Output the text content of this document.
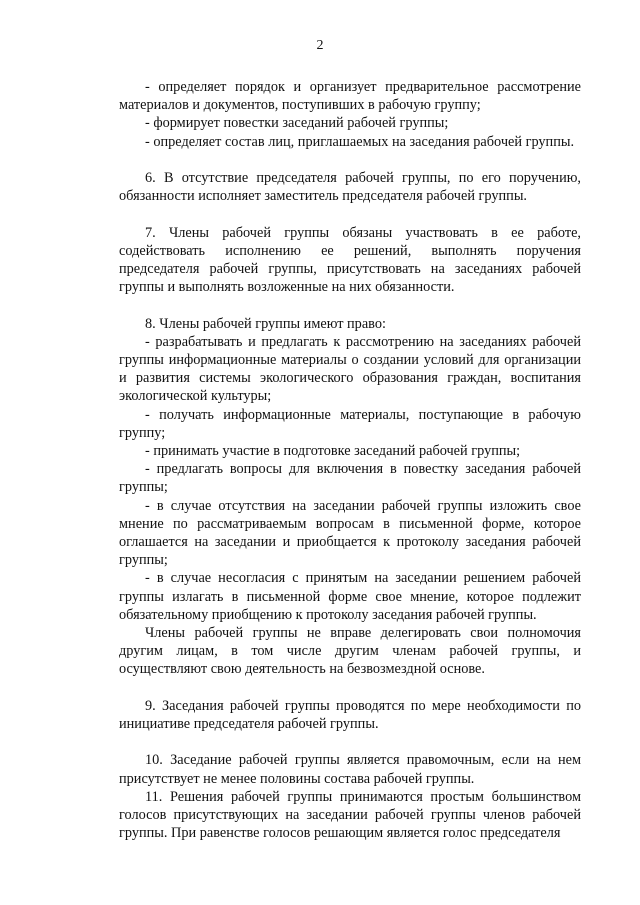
2

- определяет порядок и организует предварительное рассмотрение материалов и документов, поступивших в рабочую группу;

- формирует повестки заседаний рабочей группы;

- определяет состав лиц, приглашаемых на заседания рабочей группы.

6. В отсутствие председателя рабочей группы, по его поручению, обязанности исполняет заместитель председателя рабочей группы.

7. Члены рабочей группы обязаны участвовать в ее работе, содействовать исполнению ее решений, выполнять поручения председателя рабочей группы, присутствовать на заседаниях рабочей группы и выполнять возложенные на них обязанности.

8. Члены рабочей группы имеют право:

- разрабатывать и предлагать к рассмотрению на заседаниях рабочей группы информационные материалы о создании условий для организации и развития системы экологического образования граждан, воспитания экологической культуры;

- получать информационные материалы, поступающие в рабочую группу;

- принимать участие в подготовке заседаний рабочей группы;

- предлагать вопросы для включения в повестку заседания рабочей группы;

- в случае отсутствия на заседании рабочей группы изложить свое мнение по рассматриваемым вопросам в письменной форме, которое оглашается на заседании и приобщается к протоколу заседания рабочей группы;

- в случае несогласия с принятым на заседании решением рабочей группы излагать в письменной форме свое мнение, которое подлежит обязательному приобщению к протоколу заседания рабочей группы.

Члены рабочей группы не вправе делегировать свои полномочия другим лицам, в том числе другим членам рабочей группы, и осуществляют свою деятельность на безвозмездной основе.

9. Заседания рабочей группы проводятся по мере необходимости по инициативе председателя рабочей группы.

10. Заседание рабочей группы является правомочным, если на нем присутствует не менее половины состава рабочей группы.

11. Решения рабочей группы принимаются простым большинством голосов присутствующих на заседании рабочей группы членов рабочей группы. При равенстве голосов решающим является голос председателя
